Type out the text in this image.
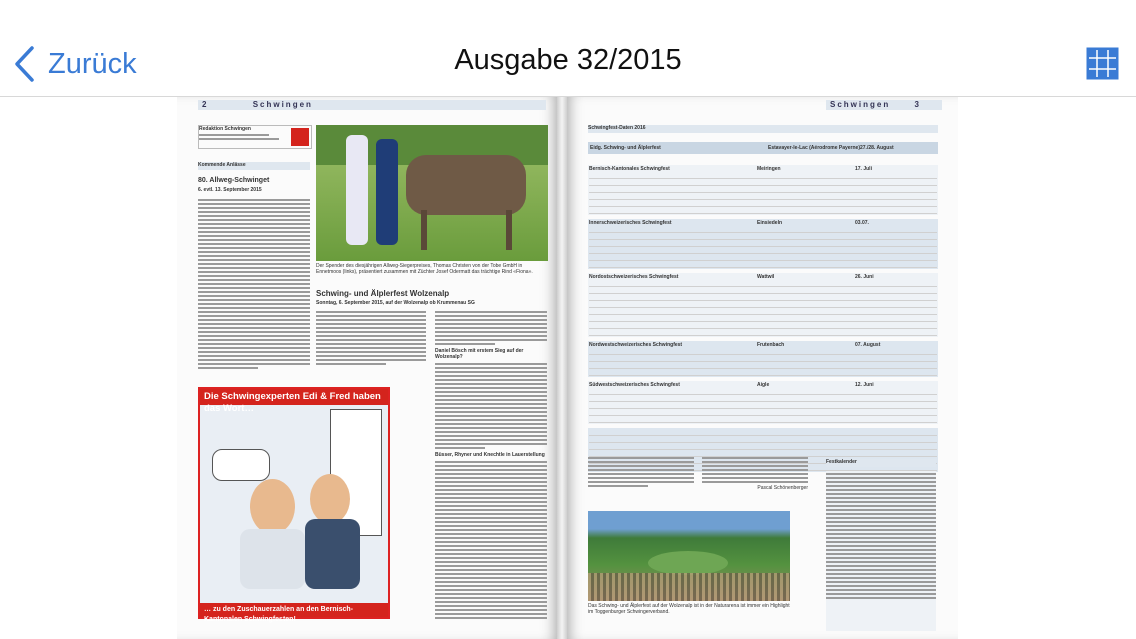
Zurück	Ausgabe 32/2015
2	Schwingen
Redaktion Schwingen
Kommende Anlässe
80. Allweg-Schwinget
6. evtl. 13. September 2015
Der Spender des diesjährigen Allweg-Siegerpreises, Thomas Christen von der Tobe GmbH in Ennetmoos (links), präsentiert zusammen mit Züchter Josef Odermatt das trächtige Rind «Fiona».
Schwing- und Älplerfest Wolzenalp
Sonntag, 6. September 2015, auf der Wolzenalp ob Krummenau SG
Daniel Bösch mit erstem Sieg auf der Wolzenalp?
Büsser, Rhyner und Knechtle in Lauerstellung
Die Schwingexperten Edi & Fred haben das Wort…
… zu den Zuschauerzahlen an den Bernisch-Kantonalen Schwingfesten!
Schwingen	3
Schwingfest-Daten 2016
Eidg. Schwing- und Älplerfest	Estavayer-le-Lac (Aérodrome Payerne) 27./28. August
Bernisch-Kantonales Schwingfest	Meiringen	17. Juli
Innerschweizerisches Schwingfest	Einsiedeln	03.07.
Nordostschweizerisches Schwingfest	Wattwil	26. Juni
Nordwestschweizerisches Schwingfest	Frutenbach	07. August
Südwestschweizerisches Schwingfest	Aigle	12. Juni
Pascal Schönenberger
Das Schwing- und Älplerfest auf der Wolzenalp ist in der Naturarena ist immer ein Highlight im Toggenburger Schwingerverband.
Festkalender
